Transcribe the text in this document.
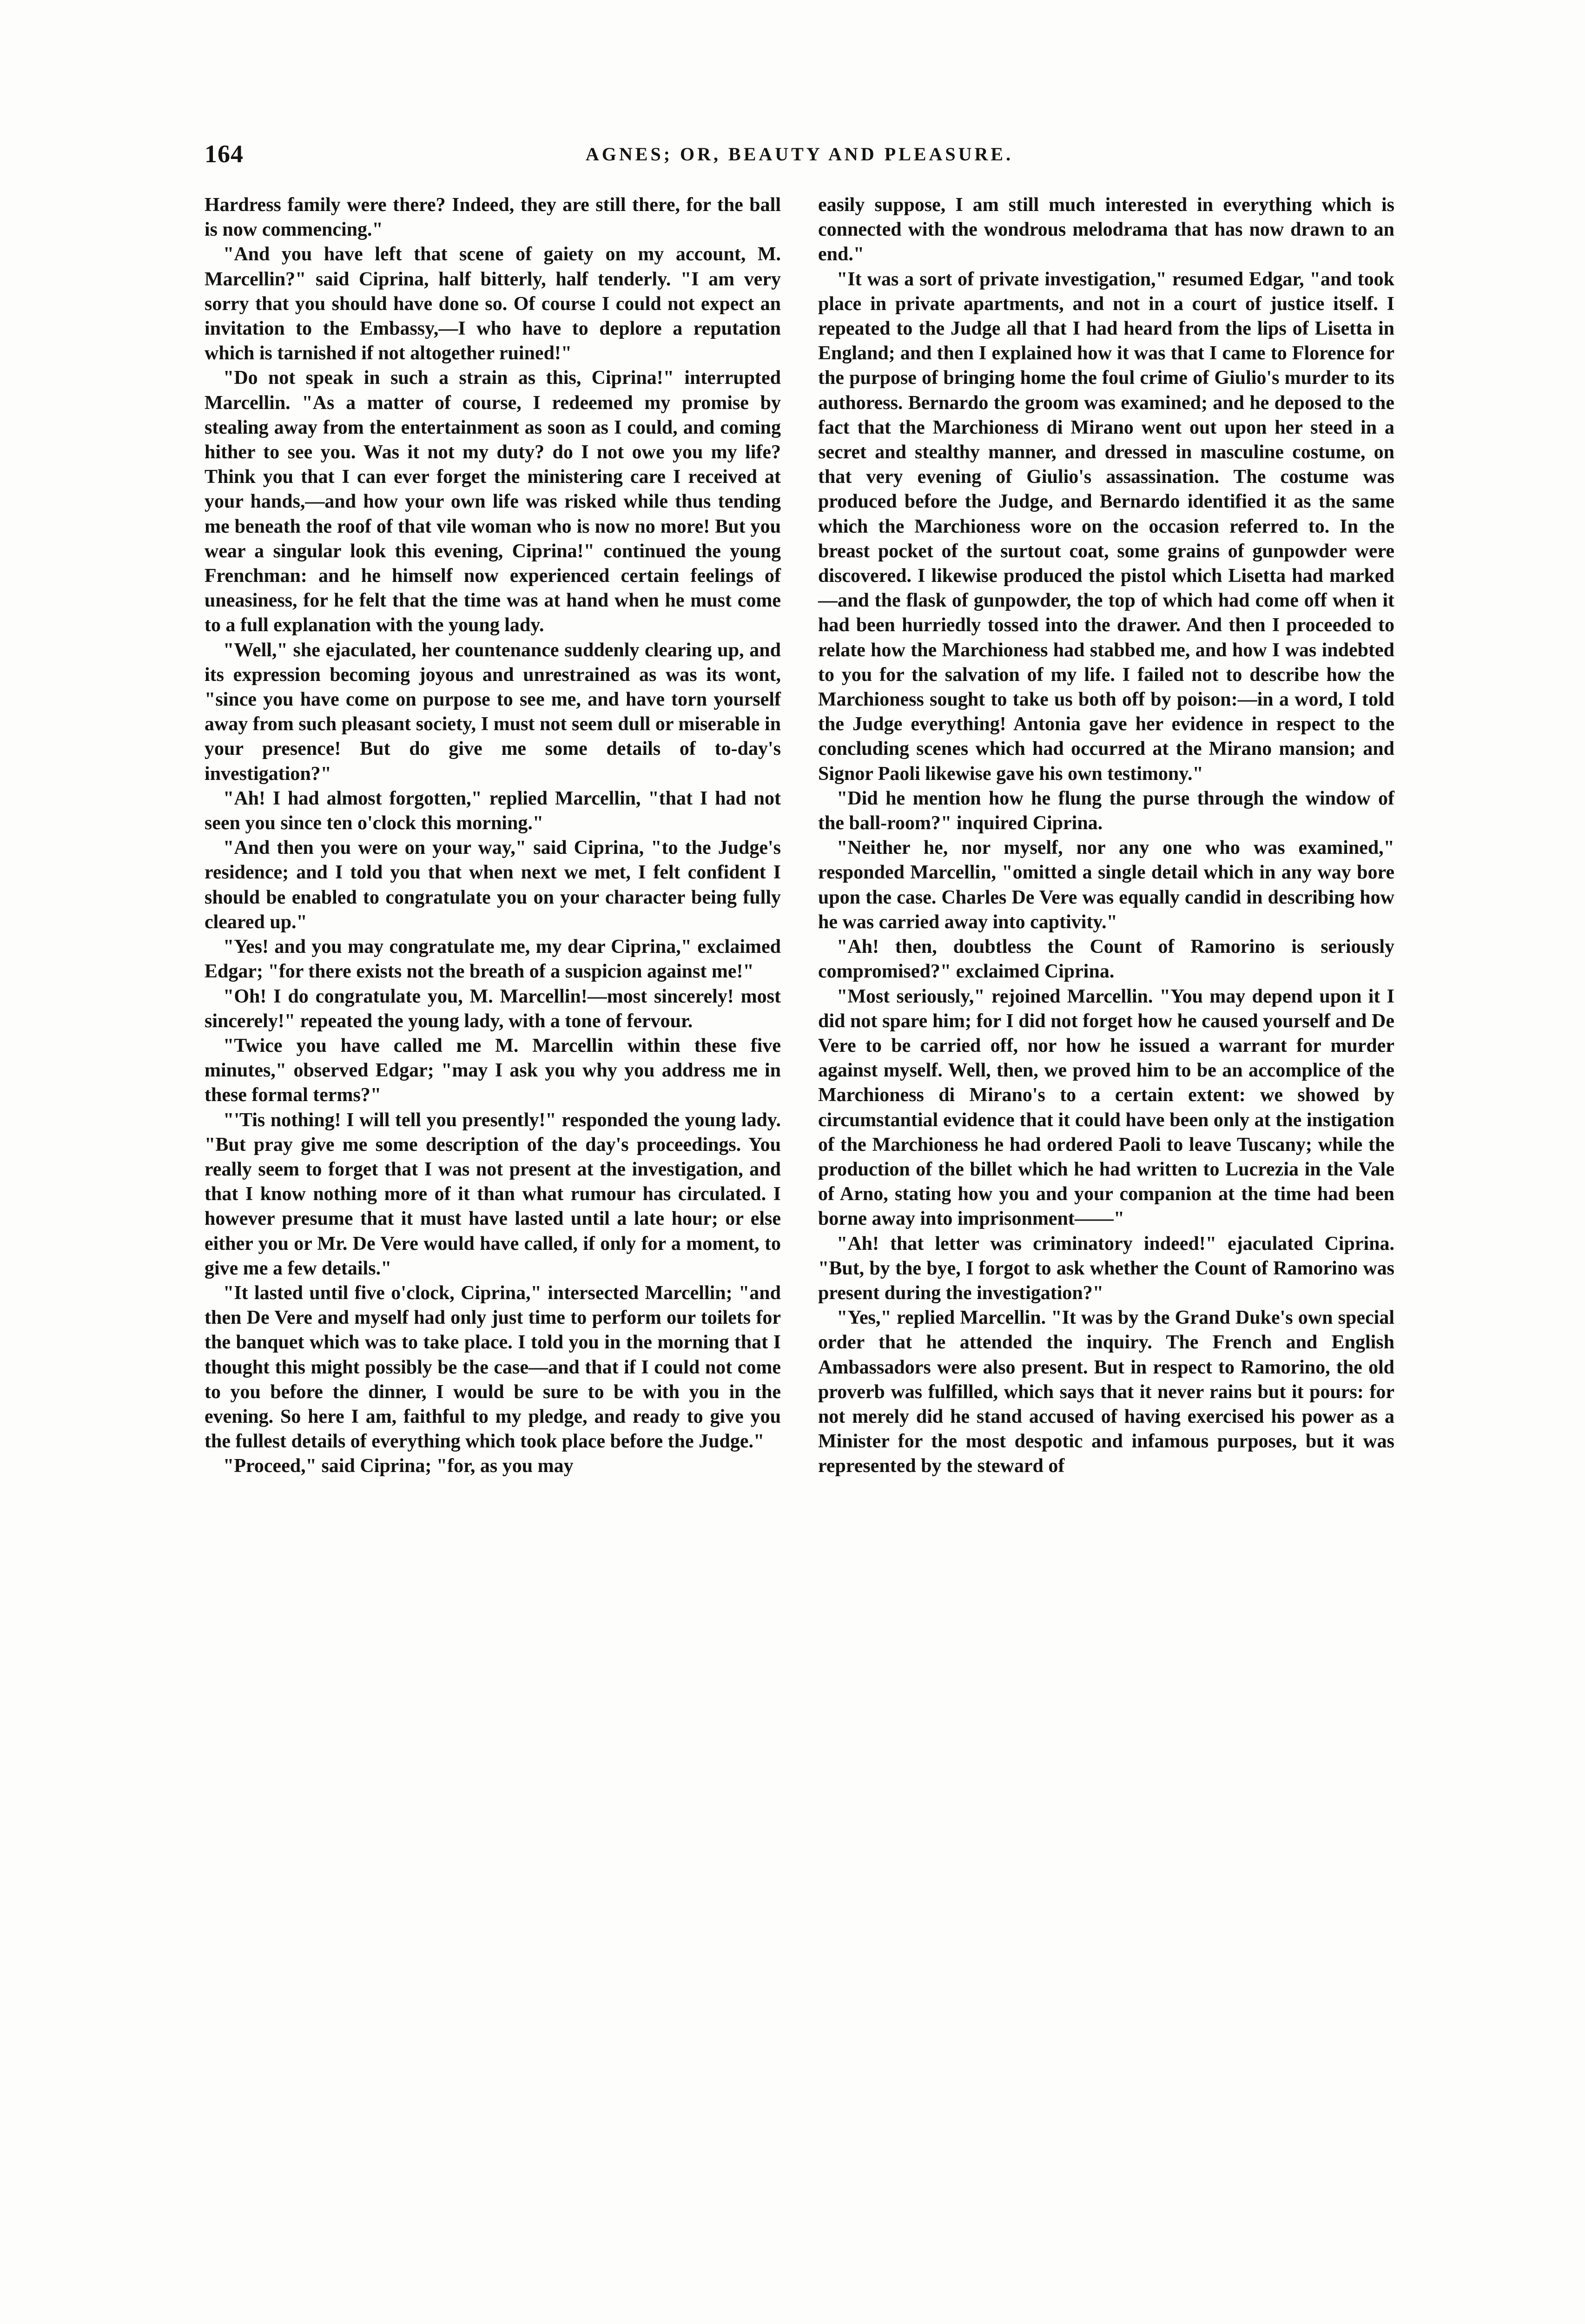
164	AGNES; OR, BEAUTY AND PLEASURE.

Hardress family were there? Indeed, they are still there, for the ball is now commencing."

"And you have left that scene of gaiety on my account, M. Marcellin?" said Ciprina, half bitterly, half tenderly. "I am very sorry that you should have done so. Of course I could not expect an invitation to the Embassy,—I who have to deplore a reputation which is tarnished if not altogether ruined!"

"Do not speak in such a strain as this, Ciprina!" interrupted Marcellin. "As a matter of course, I redeemed my promise by stealing away from the entertainment as soon as I could, and coming hither to see you. Was it not my duty? do I not owe you my life? Think you that I can ever forget the ministering care I received at your hands,—and how your own life was risked while thus tending me beneath the roof of that vile woman who is now no more! But you wear a singular look this evening, Ciprina!" continued the young Frenchman: and he himself now experienced certain feelings of uneasiness, for he felt that the time was at hand when he must come to a full explanation with the young lady.

"Well," she ejaculated, her countenance suddenly clearing up, and its expression becoming joyous and unrestrained as was its wont, "since you have come on purpose to see me, and have torn yourself away from such pleasant society, I must not seem dull or miserable in your presence! But do give me some details of to-day's investigation?"

"Ah! I had almost forgotten," replied Marcellin, "that I had not seen you since ten o'clock this morning."

"And then you were on your way," said Ciprina, "to the Judge's residence; and I told you that when next we met, I felt confident I should be enabled to congratulate you on your character being fully cleared up."

"Yes! and you may congratulate me, my dear Ciprina," exclaimed Edgar; "for there exists not the breath of a suspicion against me!"

"Oh! I do congratulate you, M. Marcellin!—most sincerely! most sincerely!" repeated the young lady, with a tone of fervour.

"Twice you have called me M. Marcellin within these five minutes," observed Edgar; "may I ask you why you address me in these formal terms?"

"'Tis nothing! I will tell you presently!" responded the young lady. "But pray give me some description of the day's proceedings. You really seem to forget that I was not present at the investigation, and that I know nothing more of it than what rumour has circulated. I however presume that it must have lasted until a late hour; or else either you or Mr. De Vere would have called, if only for a moment, to give me a few details."

"It lasted until five o'clock, Ciprina," intersected Marcellin; "and then De Vere and myself had only just time to perform our toilets for the banquet which was to take place. I told you in the morning that I thought this might possibly be the case—and that if I could not come to you before the dinner, I would be sure to be with you in the evening. So here I am, faithful to my pledge, and ready to give you the fullest details of everything which took place before the Judge."

"Proceed," said Ciprina; "for, as you may

easily suppose, I am still much interested in everything which is connected with the wondrous melodrama that has now drawn to an end."

"It was a sort of private investigation," resumed Edgar, "and took place in private apartments, and not in a court of justice itself. I repeated to the Judge all that I had heard from the lips of Lisetta in England; and then I explained how it was that I came to Florence for the purpose of bringing home the foul crime of Giulio's murder to its authoress. Bernardo the groom was examined; and he deposed to the fact that the Marchioness di Mirano went out upon her steed in a secret and stealthy manner, and dressed in masculine costume, on that very evening of Giulio's assassination. The costume was produced before the Judge, and Bernardo identified it as the same which the Marchioness wore on the occasion referred to. In the breast pocket of the surtout coat, some grains of gunpowder were discovered. I likewise produced the pistol which Lisetta had marked—and the flask of gunpowder, the top of which had come off when it had been hurriedly tossed into the drawer. And then I proceeded to relate how the Marchioness had stabbed me, and how I was indebted to you for the salvation of my life. I failed not to describe how the Marchioness sought to take us both off by poison:—in a word, I told the Judge everything! Antonia gave her evidence in respect to the concluding scenes which had occurred at the Mirano mansion; and Signor Paoli likewise gave his own testimony."

"Did he mention how he flung the purse through the window of the ball-room?" inquired Ciprina.

"Neither he, nor myself, nor any one who was examined," responded Marcellin, "omitted a single detail which in any way bore upon the case. Charles De Vere was equally candid in describing how he was carried away into captivity."

"Ah! then, doubtless the Count of Ramorino is seriously compromised?" exclaimed Ciprina.

"Most seriously," rejoined Marcellin. "You may depend upon it I did not spare him; for I did not forget how he caused yourself and De Vere to be carried off, nor how he issued a warrant for murder against myself. Well, then, we proved him to be an accomplice of the Marchioness di Mirano's to a certain extent: we showed by circumstantial evidence that it could have been only at the instigation of the Marchioness he had ordered Paoli to leave Tuscany; while the production of the billet which he had written to Lucrezia in the Vale of Arno, stating how you and your companion at the time had been borne away into imprisonment——"

"Ah! that letter was criminatory indeed!" ejaculated Ciprina. "But, by the bye, I forgot to ask whether the Count of Ramorino was present during the investigation?"

"Yes," replied Marcellin. "It was by the Grand Duke's own special order that he attended the inquiry. The French and English Ambassadors were also present. But in respect to Ramorino, the old proverb was fulfilled, which says that it never rains but it pours: for not merely did he stand accused of having exercised his power as a Minister for the most despotic and infamous purposes, but it was represented by the steward of
